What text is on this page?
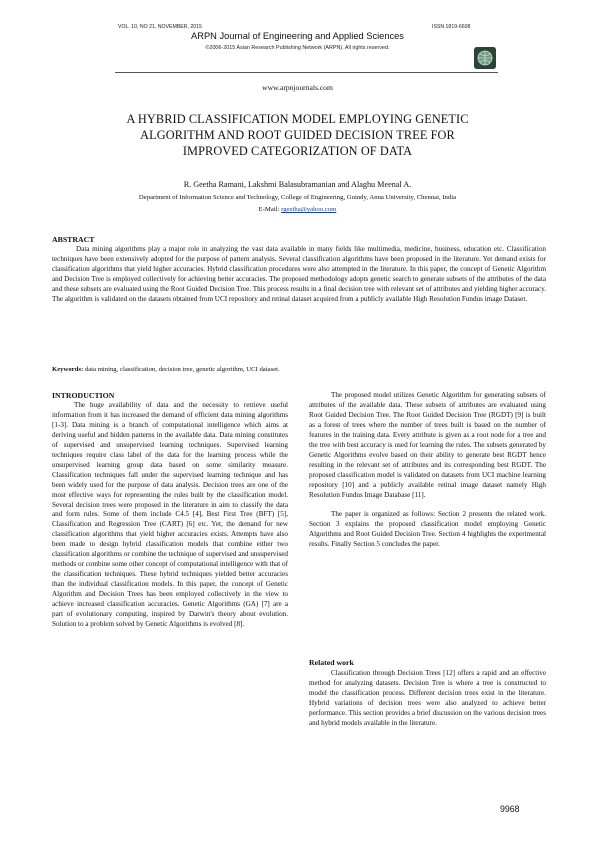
VOL. 10, NO 21, NOVEMBER, 2015	ISSN 1819-6608
ARPN Journal of Engineering and Applied Sciences
©2006-2015 Asian Research Publishing Network (ARPN). All rights reserved.
www.arpnjournals.com
A HYBRID CLASSIFICATION MODEL EMPLOYING GENETIC
ALGORITHM AND ROOT GUIDED DECISION TREE FOR
IMPROVED CATEGORIZATION OF DATA
R. Geetha Ramani, Lakshmi Balasubramanian and Alaghu Meenal A.
Department of Information Science and Technology, College of Engineering, Guindy, Anna University, Chennai, India
E-Mail: rgeetha@yahoo.com
ABSTRACT

Data mining algorithms play a major role in analyzing the vast data available in many fields like multimedia, medicine, business, education etc. Classification techniques have been extensively adopted for the purpose of pattern analysis. Several classification algorithms have been proposed in the literature. Yet demand exists for classification algorithms that yield higher accuracies. Hybrid classification procedures were also attempted in the literature. In this paper, the concept of Genetic Algorithm and Decision Tree is employed collectively for achieving better accuracies. The proposed methodology adopts genetic search to generate subsets of the attributes of the data and these subsets are evaluated using the Root Guided Decision Tree. This process results in a final decision tree with relevant set of attributes and yielding higher accuracy. The algorithm is validated on the datasets obtained from UCI repository and retinal dataset acquired from a publicly available High Resolution Fundus image Dataset.

Keywords: data mining, classification, decision tree, genetic algorithm, UCI dataset.
INTRODUCTION

The huge availability of data and the necessity to retrieve useful information from it has increased the demand of efficient data mining algorithms [1-3]. Data mining is a branch of computational intelligence which aims at deriving useful and hidden patterns in the available data. Data mining constitutes of supervised and unsupervised learning techniques. Supervised learning techniques require class label of the data for the learning process while the unsupervised learning group data based on some similarity measure. Classification techniques fall under the supervised learning technique and has been widely used for the purpose of data analysis. Decision trees are one of the most effective ways for representing the rules built by the classification model. Several decision trees were proposed in the literature in aim to classify the data and form rules. Some of them include C4.5 [4], Best First Tree (BFT) [5], Classification and Regression Tree (CART) [6] etc. Yet, the demand for new classification algorithms that yield higher accuracies exists. Attempts have also been made to design hybrid classification models that combine either two classification algorithms or combine the technique of supervised and unsupervised methods or combine some other concept of computational intelligence with that of the classification techniques. These hybrid techniques yielded better accuracies than the individual classification models. In this paper, the concept of Genetic Algorithm and Decision Trees has been employed collectively in the view to achieve increased classification accuracies. Genetic Algorithms (GA) [7] are a part of evolutionary computing, inspired by Darwin's theory about evolution. Solution to a problem solved by Genetic Algorithms is evolved [8].

The proposed model utilizes Genetic Algorithm for generating subsets of attributes of the available data. These subsets of attributes are evaluated using Root Guided Decision Tree. The Root Guided Decision Tree (RGDT) [9] is built as a forest of trees where the number of trees built is based on the number of features in the training data. Every attribute is given as a root node for a tree and the tree with best accuracy is used for learning the rules. The subsets generated by Genetic Algorithms evolve based on their ability to generate best RGDT hence resulting in the relevant set of attributes and its corresponding best RGDT. The proposed classification model is validated on datasets from UCI machine learning repository [10] and a publicly available retinal image dataset namely High Resolution Fundus Image Database [11].

The paper is organized as follows: Section 2 presents the related work. Section 3 explains the proposed classification model employing Genetic Algorithms and Root Guided Decision Tree. Section 4 highlights the experimental results. Finally Section 5 concludes the paper.

Related work

Classification through Decision Trees [12] offers a rapid and an effective method for analyzing datasets. Decision Tree is where a tree is constructed to model the classification process. Different decision trees exist in the literature. Hybrid variations of decision trees were also analyzed to achieve better performance. This section provides a brief discussion on the various decision trees and hybrid models available in the literature.

9968
